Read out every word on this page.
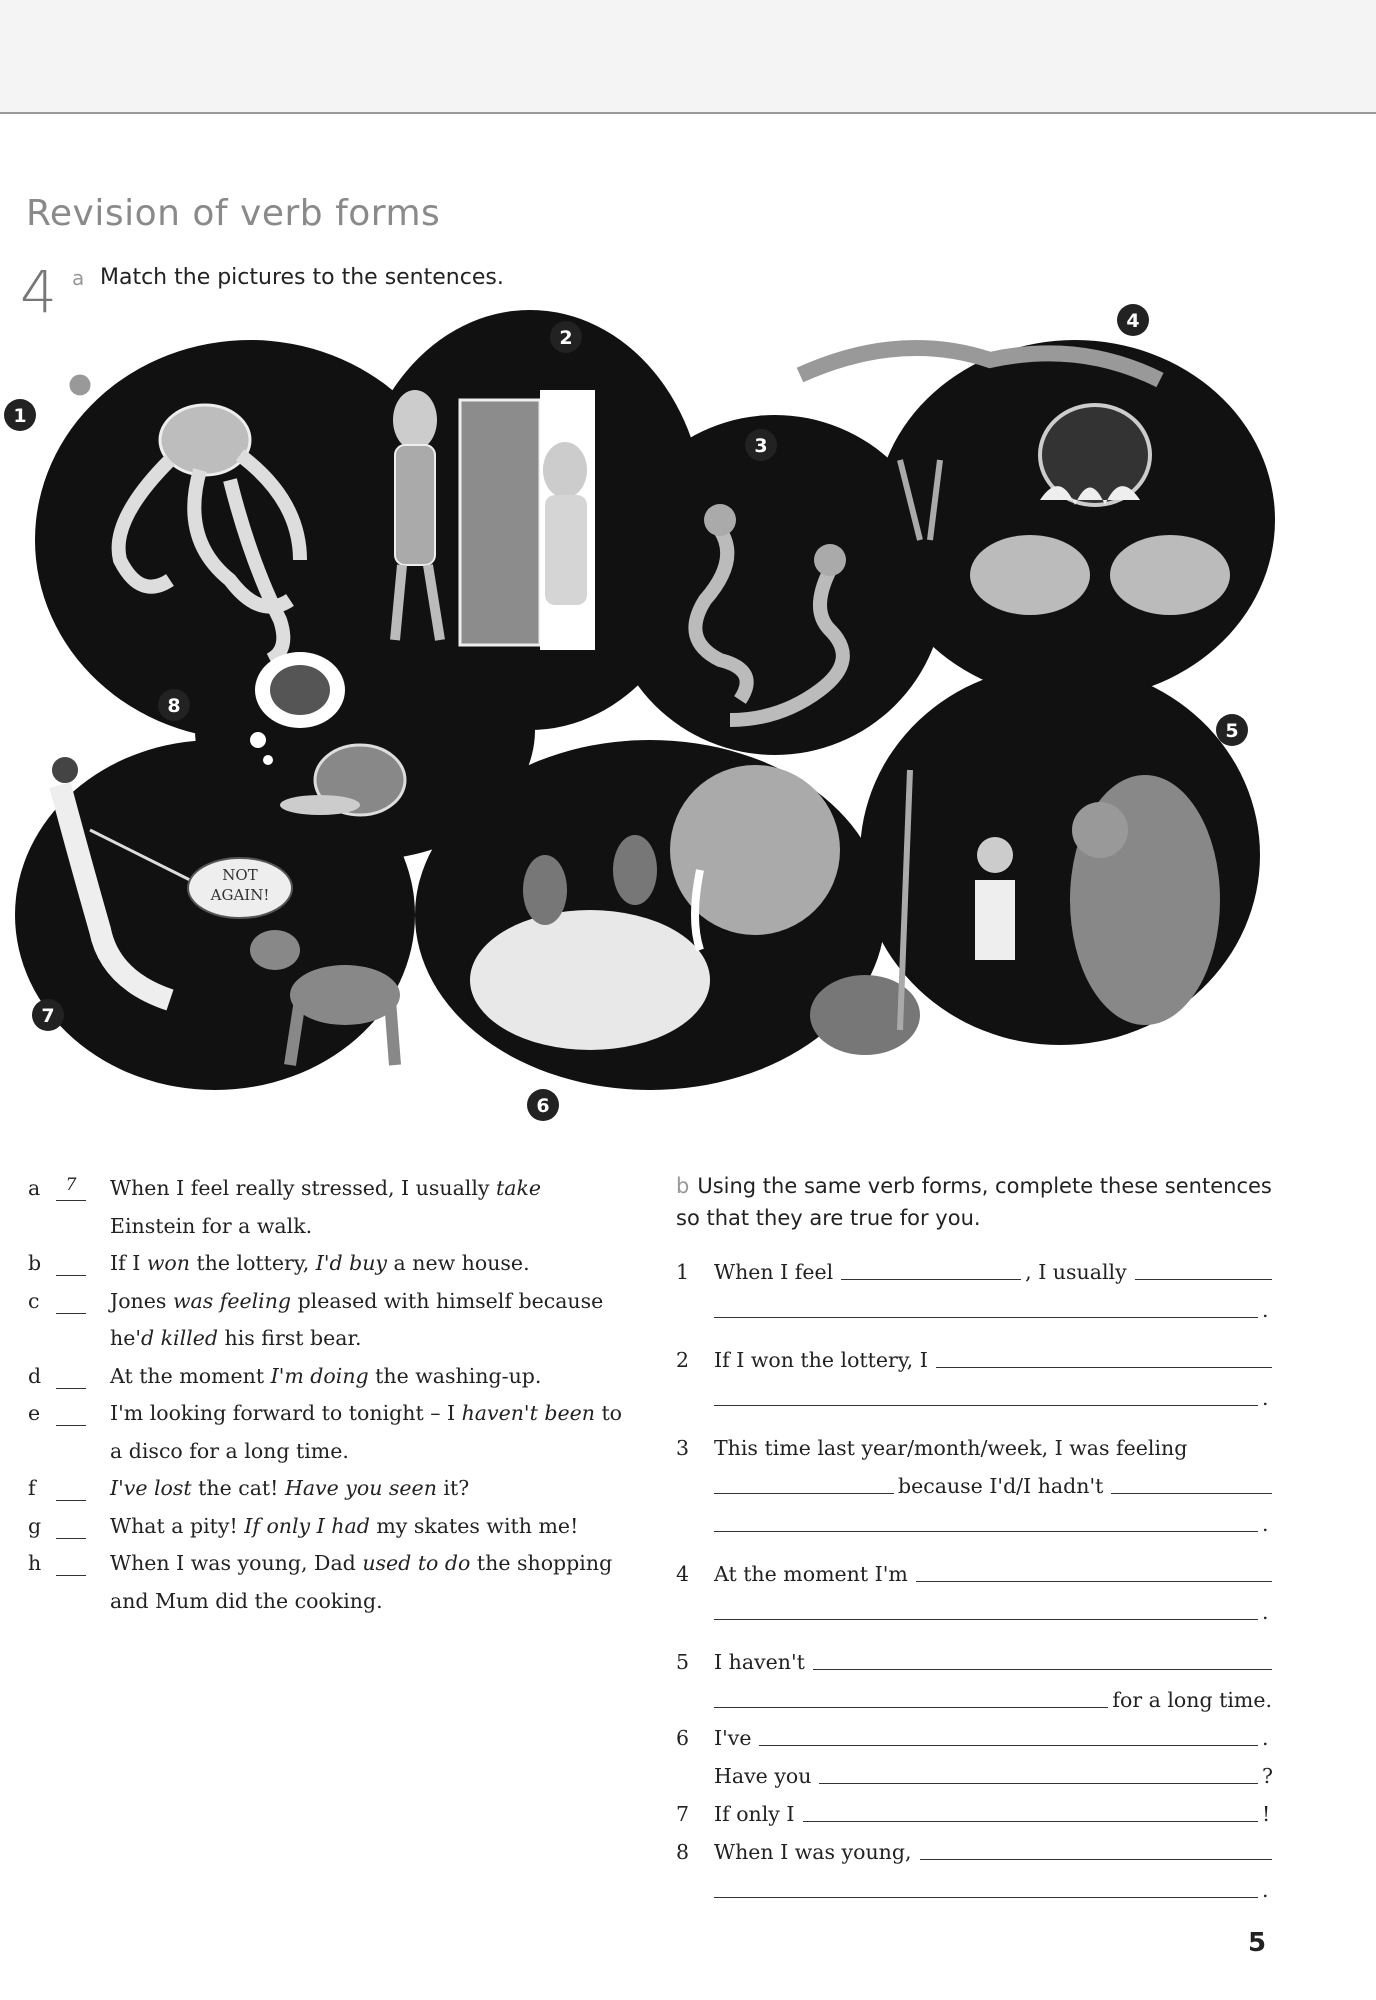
Revision of verb forms
4 a Match the pictures to the sentences.
NOT
AGAIN!
1
2
3
4
5
6
7
8
a	7	When I feel really stressed, I usually take Einstein for a walk.
b	If I won the lottery, I'd buy a new house.
c	Jones was feeling pleased with himself because he'd killed his first bear.
d	At the moment I'm doing the washing-up.
e	I'm looking forward to tonight – I haven't been to a disco for a long time.
f	I've lost the cat! Have you seen it?
g	What a pity! If only I had my skates with me!
h	When I was young, Dad used to do the shopping and Mum did the cooking.
b Using the same verb forms, complete these sentences so that they are true for you.
1 When I feel	, I usually
.
2 If I won the lottery, I
.
3 This time last year/month/week, I was feeling
because I'd/I hadn't
.
4 At the moment I'm
.
5 I haven't
for a long time.
6 I've	.
Have you	?
7 If only I	!
8 When I was young,
.
5
